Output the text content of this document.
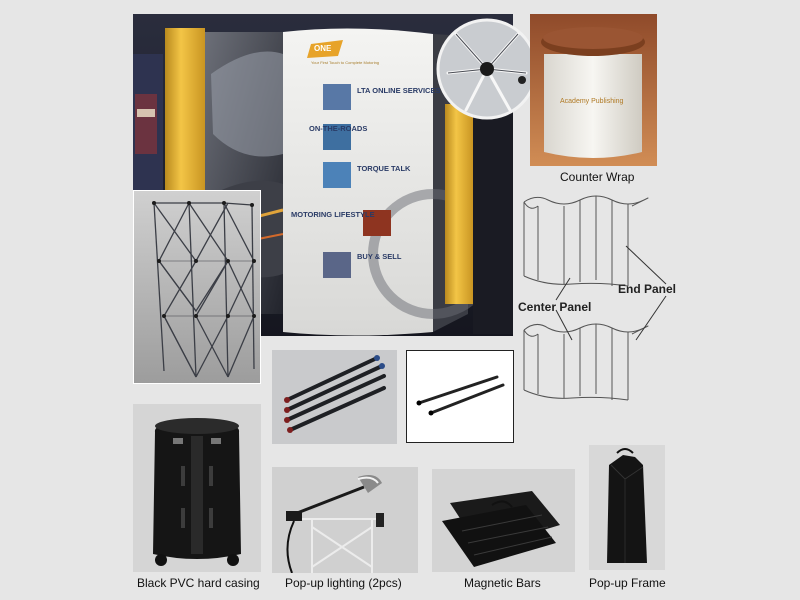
ONE
Your First Touch to Complete Motoring
LTA ONLINE SERVICES
ON-THE-ROADS
TORQUE TALK
MOTORING LIFESTYLE
BUY & SELL
Academy Publishing
Counter Wrap
End Panel
Center Panel
Black PVC hard casing Pop-up lighting (2pcs)	Magnetic Bars	Pop-up Frame
